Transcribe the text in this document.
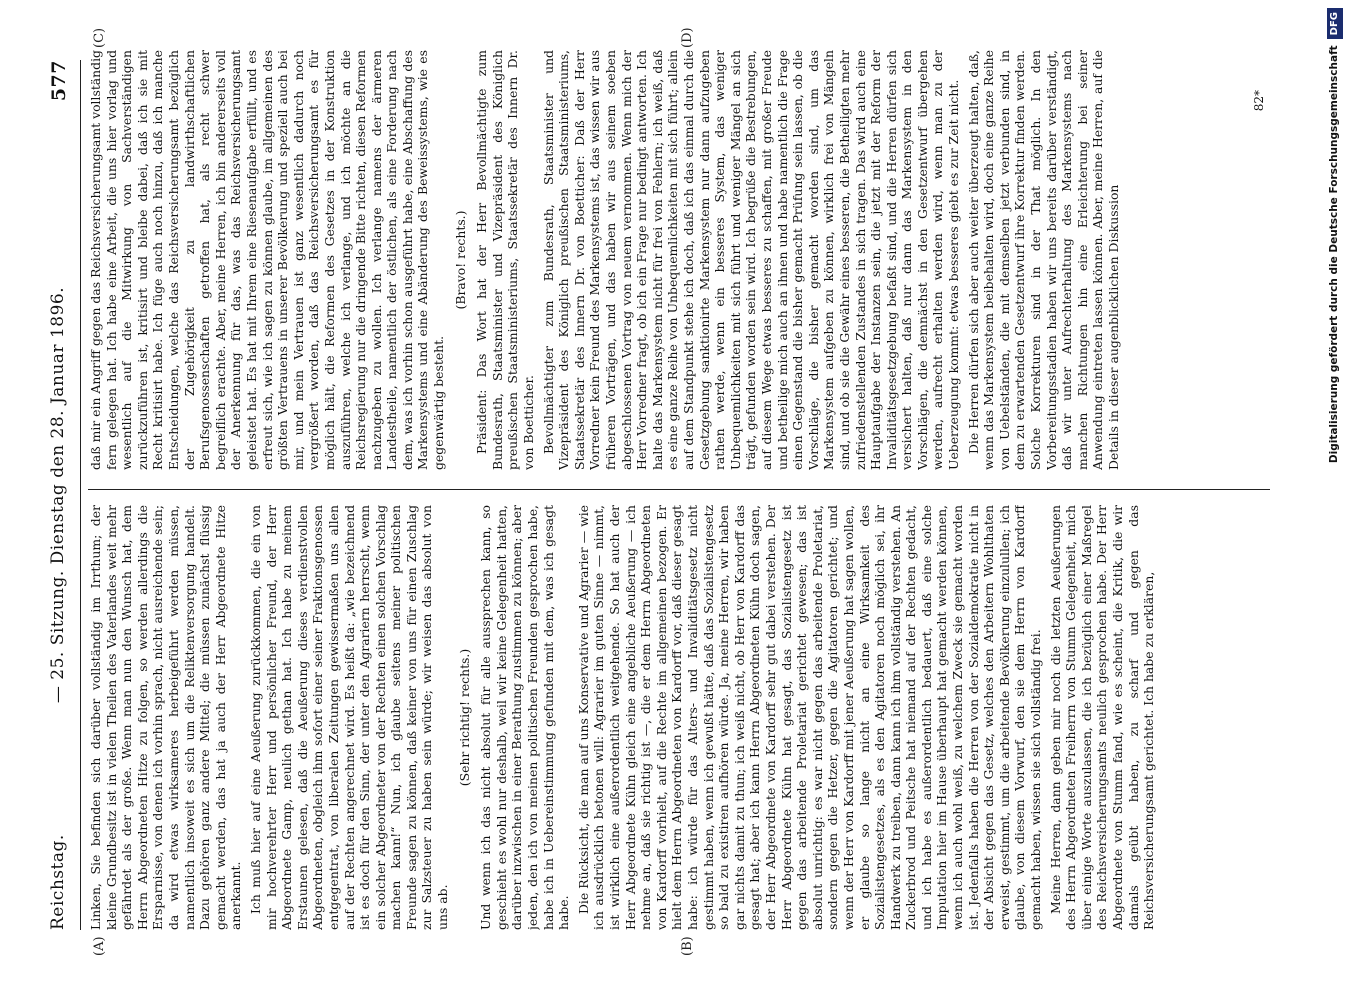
Reichstag.
— 25. Sitzung. Dienstag den 28. Januar 1896.
577
(A)	(B)
(C)	(D)

Linken, Sie befinden sich darüber vollständig im Irrthum; der kleine Grundbesitz ist in vielen Theilen des Vaterlandes weit mehr gefährdet als der große. Wenn man nun den Wunsch hat, dem Herrn Abgeordneten Hitze zu folgen, so werden allerdings die Ersparnisse, von denen ich vorhin sprach, nicht ausreichende sein; da wird etwas wirksameres herbeigeführt werden müssen, namentlich insoweit es sich um die Reliktenversorgung handelt. Dazu gehören ganz andere Mittel; die müssen zunächst flüssig gemacht werden, das hat ja auch der Herr Abgeordnete Hitze anerkannt. Ich muß hier auf eine Aeußerung zurückkommen, die ein von mir hochverehrter Herr und persönlicher Freund, der Herr Abgeordnete Gamp, neulich gethan hat. Ich habe zu meinem Erstaunen gelesen, daß die Aeußerung dieses verdienstvollen Abgeordneten, obgleich ihm sofort einer seiner Fraktionsgenossen entgegentrat, von liberalen Zeitungen gewissermaßen uns allen auf der Rechten angerechnet wird. Es heißt da: „wie bezeichnend ist es doch für den Sinn, der unter den Agrariern herrscht, wenn ein solcher Abgeordneter von der Rechten einen solchen Vorschlag machen kann!“ Nun, ich glaube seitens meiner politischen Freunde sagen zu können, daß keiner von uns für einen Zuschlag zur Salzsteuer zu haben sein würde; wir weisen das absolut von uns ab.

(Sehr richtig! rechts.) Und wenn ich das nicht absolut für alle aussprechen kann, so geschieht es wohl nur deshalb, weil wir keine Gelegenheit hatten, darüber inzwischen in einer Berathung zustimmen zu können; aber jeden, den ich von meinen politischen Freunden gesprochen habe, habe ich in Uebereinstimmung gefunden mit dem, was ich gesagt habe. Die Rücksicht, die man auf uns Konservative und Agrarier — wie ich ausdrücklich betonen will: Agrarier im guten Sinne — nimmt, ist wirklich eine außerordentlich weitgehende. So hat auch der Herr Abgeordnete Kühn gleich eine angebliche Aeußerung — ich nehme an, daß sie richtig ist —, die er dem Herrn Abgeordneten von Kardorff vorhielt, auf die Rechte im allgemeinen bezogen. Er hielt dem Herrn Abgeordneten von Kardorff vor, daß dieser gesagt habe: ich würde für das Alters- und Invaliditätsgesetz nicht gestimmt haben, wenn ich gewußt hätte, daß das Sozialistengesetz so bald zu existiren aufhören würde. Ja, meine Herren, wir haben gar nichts damit zu thun; ich weiß nicht, ob Herr von Kardorff das gesagt hat; aber ich kann Herrn Abgeordneten Kühn doch sagen, der Herr Abgeordnete von Kardorff sehr gut dabei verstehen. Der Herr Abgeordnete Kühn hat gesagt, das Sozialistengesetz ist gegen das arbeitende Proletariat gerichtet gewesen; das ist absolut unrichtig: es war nicht gegen das arbeitende Proletariat, sondern gegen die Hetzer, gegen die Agitatoren gerichtet; und wenn der Herr von Kardorff mit jener Aeußerung hat sagen wollen, er glaube so lange nicht an eine Wirksamkeit des Sozialistengesetzes, als es den Agitatoren noch möglich sei, ihr Handwerk zu treiben, dann kann ich ihm vollständig verstehen. An Zuckerbrod und Peitsche hat niemand auf der Rechten gedacht, und ich habe es außerordentlich bedauert, daß eine solche Imputation hier im Hause überhaupt hat gemacht werden können, wenn ich auch wohl weiß, zu welchem Zweck sie gemacht worden ist. Jedenfalls haben die Herren von der Sozialdemokratie nicht in der Absicht gegen das Gesetz, welches den Arbeitern Wohlthaten erweist, gestimmt, um die arbeitende Bevölkerung einzulullen; ich glaube, von diesem Vorwurf, den sie dem Herrn von Kardorff gemacht haben, wissen sie sich vollständig frei. Meine Herren, dann geben mir noch die letzten Aeußerungen des Herrn Abgeordneten Freiherrn von Stumm Gelegenheit, mich über einige Worte auszulassen, die ich bezüglich einer Maßregel des Reichsversicherungsamts neulich gesprochen habe. Der Herr Abgeordnete von Stumm fand, wie es scheint, die Kritik, die wir damals geübt haben, zu scharf und gegen das Reichsversicherungsamt gerichtet. Ich habe zu erklären,

daß mir ein Angriff gegen das Reichsversicherungsamt vollständig fern gelegen hat. Ich habe eine Arbeit, die uns hier vorlag und wesentlich auf die Mitwirkung von Sachverständigen zurückzuführen ist, kritisirt und bleibe dabei, daß ich sie mit Recht kritisirt habe. Ich füge auch noch hinzu, daß ich manche Entscheidungen, welche das Reichsversicherungsamt bezüglich der Zugehörigkeit zu landwirthschaftlichen Berufsgenossenschaften getroffen hat, als recht schwer begreiflich erachte. Aber, meine Herren, ich bin andererseits voll der Anerkennung für das, was das Reichsversicherungsamt geleistet hat. Es hat mit Ihrem eine Riesenaufgabe erfüllt, und es erfreut sich, wie ich sagen zu können glaube, im allgemeinen des größten Vertrauens in unserer Bevölkerung und speziell auch bei mir, und mein Vertrauen ist ganz wesentlich dadurch noch vergrößert worden, daß das Reichsversicherungsamt es für möglich hält, die Reformen des Gesetzes in der Konstruktion auszuführen, welche ich verlange, und ich möchte an die Reichsregierung nur die dringende Bitte richten, diesen Reformen nachzugeben zu wollen. Ich verlange namens der ärmeren Landestheile, namentlich der östlichen, als eine Forderung nach dem, was ich vorhin schon ausgeführt habe, eine Abschaffung des Markensystems und eine Abänderung des Beweissystems, wie es gegenwärtig besteht.

(Bravo! rechts.) Präsident: Das Wort hat der Herr Bevollmächtigte zum Bundesrath, Staatsminister und Vizepräsident des Königlich preußischen Staatsministeriums, Staatssekretär des Innern Dr. von Boetticher. Bevollmächtigter zum Bundesrath, Staatsminister und Vizepräsident des Königlich preußischen Staatsministeriums, Staatssekretär des Innern Dr. von Boetticher: Daß der Herr Vorredner kein Freund des Markensystems ist, das wissen wir aus früheren Vorträgen, und das haben wir aus seinem soeben abgeschlossenen Vortrag von neuem vernommen. Wenn mich der Herr Vorredner fragt, ob ich ein Frage nur bedingt antworten. Ich halte das Markensystem nicht für frei von Fehlern; ich weiß, daß es eine ganze Reihe von Unbequemlichkeiten mit sich führt; allein auf dem Standpunkt stehe ich doch, daß ich das einmal durch die Gesetzgebung sanktionirte Markensystem nur dann aufzugeben rathen werde, wenn ein besseres System, das weniger Unbequemlichkeiten mit sich führt und weniger Mängel an sich trägt, gefunden worden sein wird. Ich begrüße die Bestrebungen, auf diesem Wege etwas besseres zu schaffen, mit großer Freude und betheilige mich auch an ihnen und habe namentlich die Frage einen Gegenstand die bisher gemacht Prüfung sein lassen, ob die Vorschläge, die bisher gemacht worden sind, um das Markensystem aufgeben zu können, wirklich frei von Mängeln sind, und ob sie die Gewähr eines besseren, die Betheiligten mehr zufriedenstellenden Zustandes in sich tragen. Das wird auch eine Hauptaufgabe der Instanzen sein, die jetzt mit der Reform der Invaliditätsgesetzgebung befaßt sind, und die Herren dürfen sich versichert halten, daß nur dann das Markensystem in den Vorschlägen, die demnächst in den Gesetzentwurf übergehen werden, aufrecht erhalten werden wird, wenn man zu der Ueberzeugung kommt: etwas besseres giebt es zur Zeit nicht. Die Herren dürfen sich aber auch weiter überzeugt halten, daß, wenn das Markensystem beibehalten wird, doch eine ganze Reihe von Uebelständen, die mit demselben jetzt verbunden sind, in dem zu erwartenden Gesetzentwurf ihre Korrektur finden werden. Solche Korrekturen sind in der That möglich. In den Vorbereitungsstadien haben wir uns bereits darüber verständigt, daß wir unter Aufrechterhaltung des Markensystems nach manchen Richtungen hin eine Erleichterung bei seiner Anwendung eintreten lassen können. Aber, meine Herren, auf die Details in dieser augenblicklichen Diskussion

82*	Digitalisierung gefördert durch die Deutsche ForschungsgemeinschaftDFG
